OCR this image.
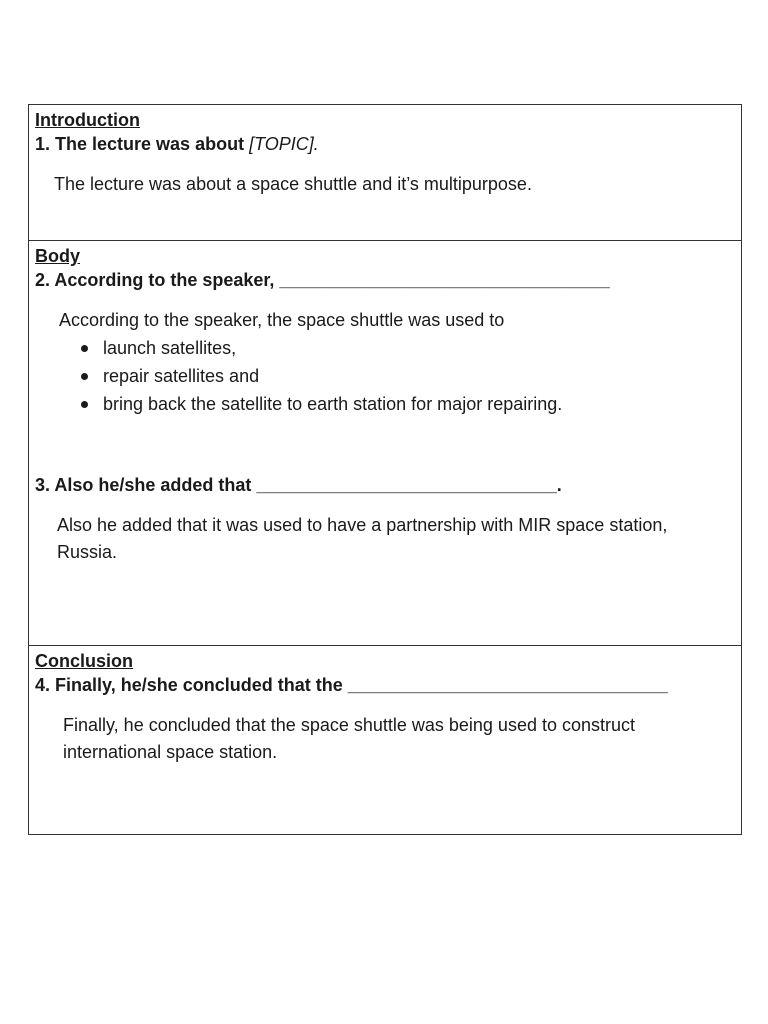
Introduction

1. The lecture was about [TOPIC].

The lecture was about a space shuttle and it’s multipurpose.

Body

2. According to the speaker, _________________________________

According to the speaker, the space shuttle was used to

launch satellites,
repair satellites and
bring back the satellite to earth station for major repairing.

3. Also he/she added that ______________________________.

Also he added that it was used to have a partnership with MIR space station,

Russia.

Conclusion

4. Finally, he/she concluded that the ________________________________

Finally, he concluded that the space shuttle was being used to construct

international space station.
